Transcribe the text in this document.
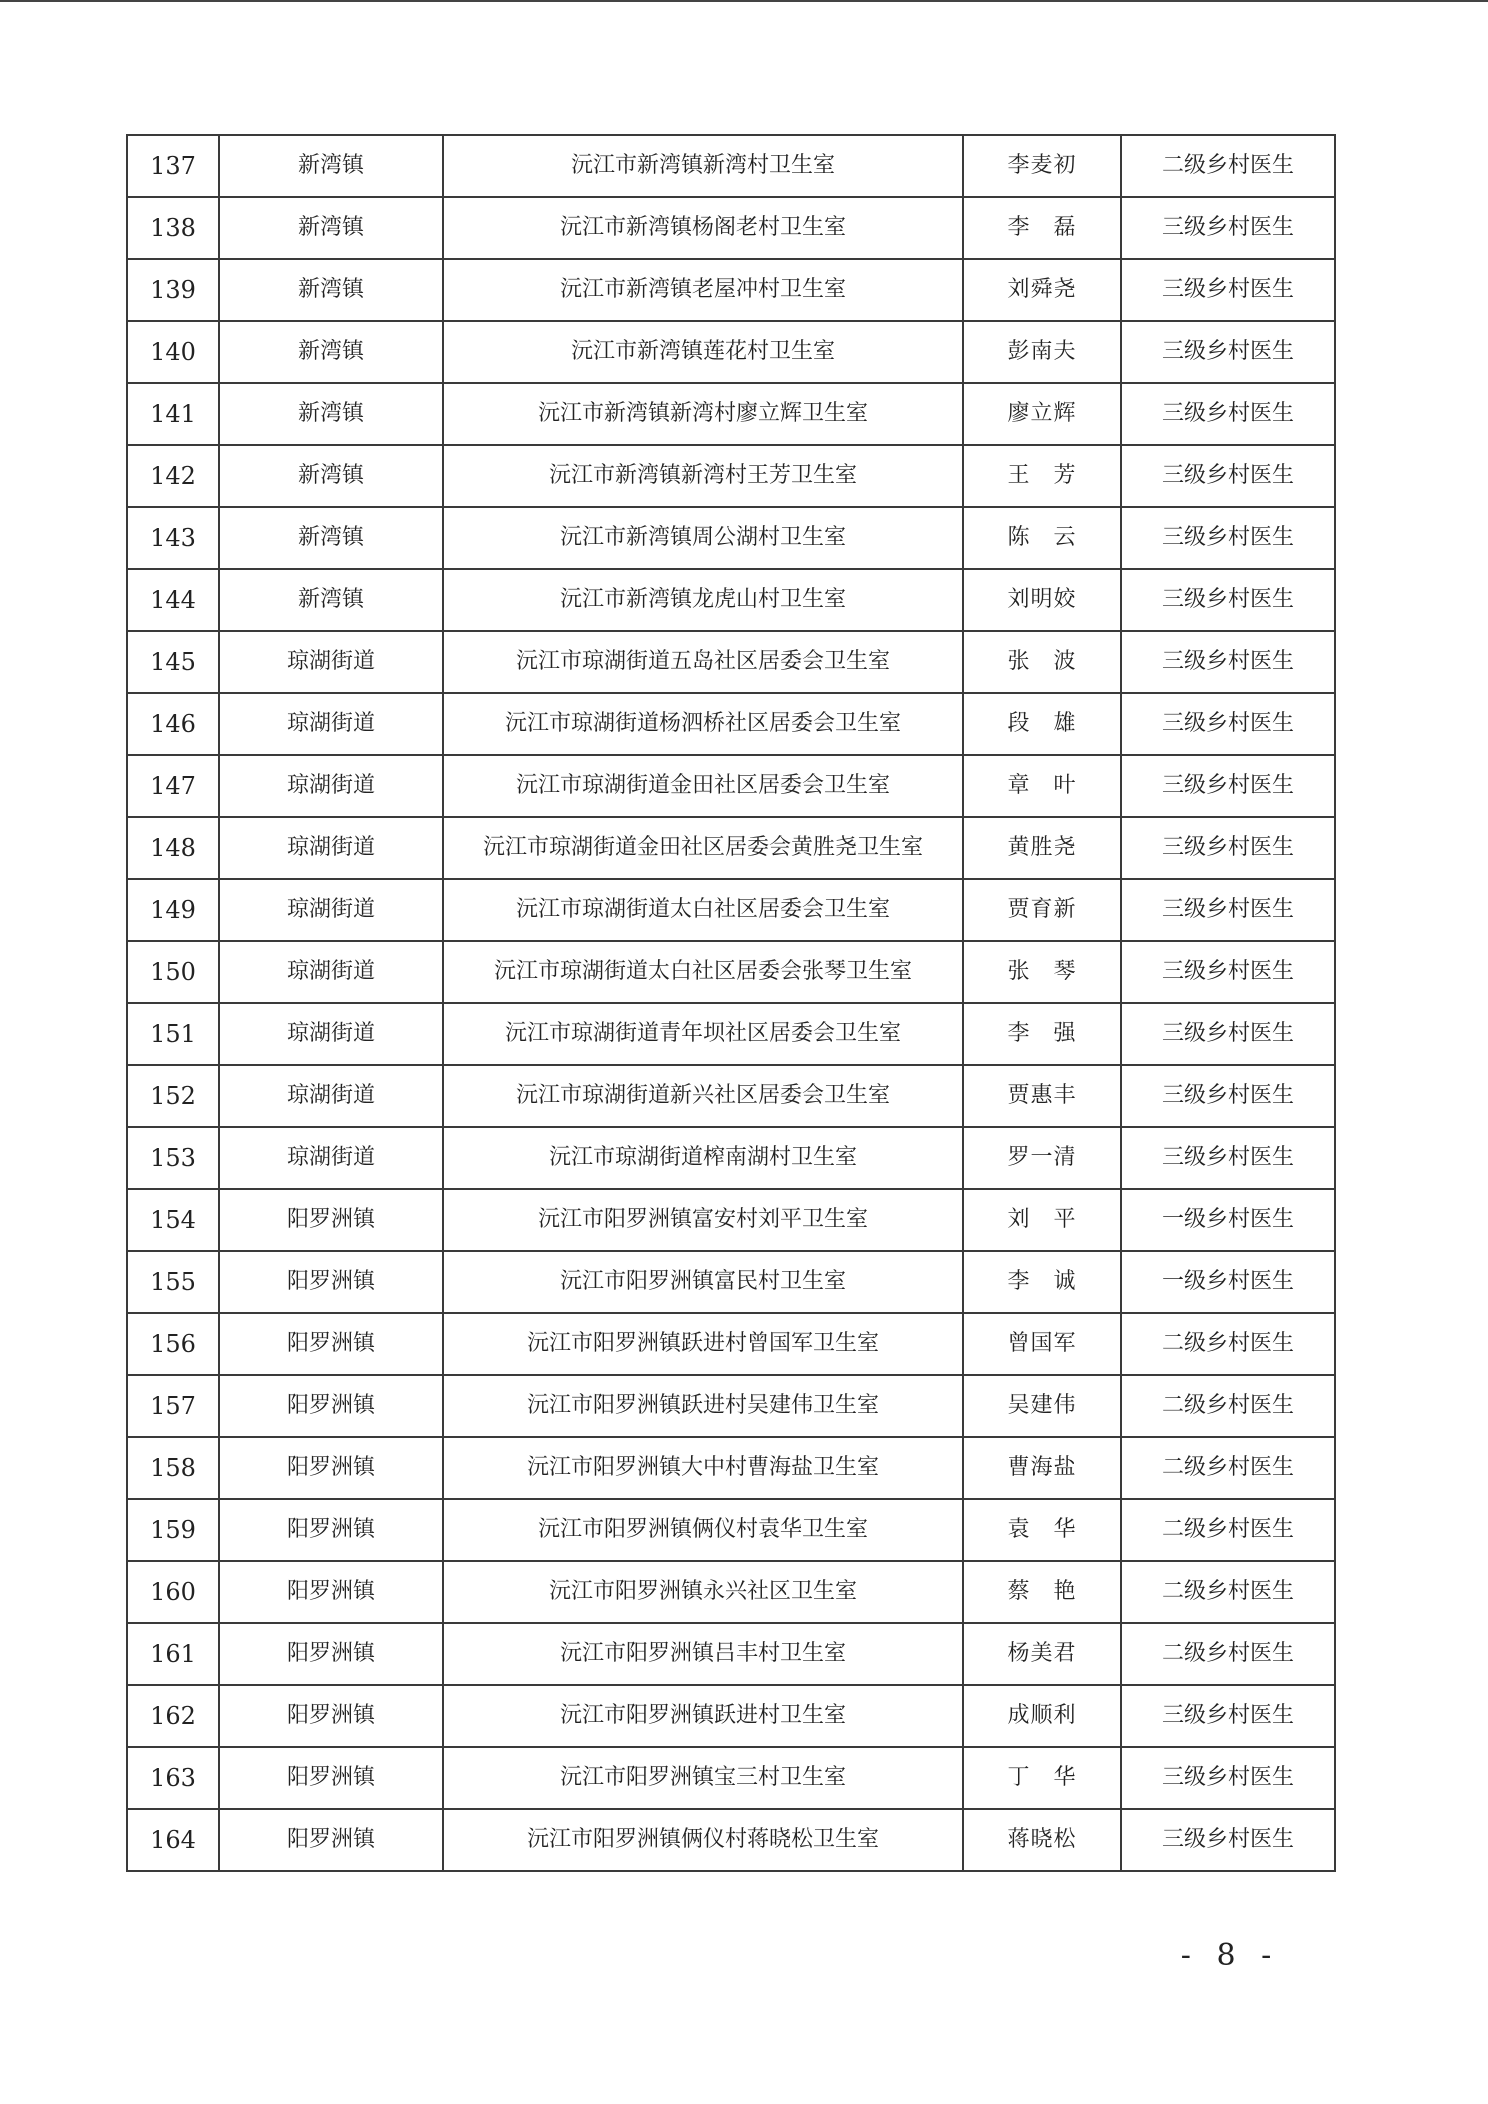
137	新湾镇	沅江市新湾镇新湾村卫生室	李麦初	二级乡村医生
138	新湾镇	沅江市新湾镇杨阁老村卫生室	李　磊	三级乡村医生
139	新湾镇	沅江市新湾镇老屋冲村卫生室	刘舜尧	三级乡村医生
140	新湾镇	沅江市新湾镇莲花村卫生室	彭南夫	三级乡村医生
141	新湾镇	沅江市新湾镇新湾村廖立辉卫生室	廖立辉	三级乡村医生
142	新湾镇	沅江市新湾镇新湾村王芳卫生室	王　芳	三级乡村医生
143	新湾镇	沅江市新湾镇周公湖村卫生室	陈　云	三级乡村医生
144	新湾镇	沅江市新湾镇龙虎山村卫生室	刘明姣	三级乡村医生
145	琼湖街道	沅江市琼湖街道五岛社区居委会卫生室	张　波	三级乡村医生
146	琼湖街道	沅江市琼湖街道杨泗桥社区居委会卫生室	段　雄	三级乡村医生
147	琼湖街道	沅江市琼湖街道金田社区居委会卫生室	章　叶	三级乡村医生
148	琼湖街道	沅江市琼湖街道金田社区居委会黄胜尧卫生室	黄胜尧	三级乡村医生
149	琼湖街道	沅江市琼湖街道太白社区居委会卫生室	贾育新	三级乡村医生
150	琼湖街道	沅江市琼湖街道太白社区居委会张琴卫生室	张　琴	三级乡村医生
151	琼湖街道	沅江市琼湖街道青年坝社区居委会卫生室	李　强	三级乡村医生
152	琼湖街道	沅江市琼湖街道新兴社区居委会卫生室	贾惠丰	三级乡村医生
153	琼湖街道	沅江市琼湖街道榨南湖村卫生室	罗一清	三级乡村医生
154	阳罗洲镇	沅江市阳罗洲镇富安村刘平卫生室	刘　平	一级乡村医生
155	阳罗洲镇	沅江市阳罗洲镇富民村卫生室	李　诚	一级乡村医生
156	阳罗洲镇	沅江市阳罗洲镇跃进村曾国军卫生室	曾国军	二级乡村医生
157	阳罗洲镇	沅江市阳罗洲镇跃进村吴建伟卫生室	吴建伟	二级乡村医生
158	阳罗洲镇	沅江市阳罗洲镇大中村曹海盐卫生室	曹海盐	二级乡村医生
159	阳罗洲镇	沅江市阳罗洲镇俩仪村袁华卫生室	袁　华	二级乡村医生
160	阳罗洲镇	沅江市阳罗洲镇永兴社区卫生室	蔡　艳	二级乡村医生
161	阳罗洲镇	沅江市阳罗洲镇吕丰村卫生室	杨美君	二级乡村医生
162	阳罗洲镇	沅江市阳罗洲镇跃进村卫生室	成顺利	三级乡村医生
163	阳罗洲镇	沅江市阳罗洲镇宝三村卫生室	丁　华	三级乡村医生
164	阳罗洲镇	沅江市阳罗洲镇俩仪村蒋晓松卫生室	蒋晓松	三级乡村医生
- 8 -
